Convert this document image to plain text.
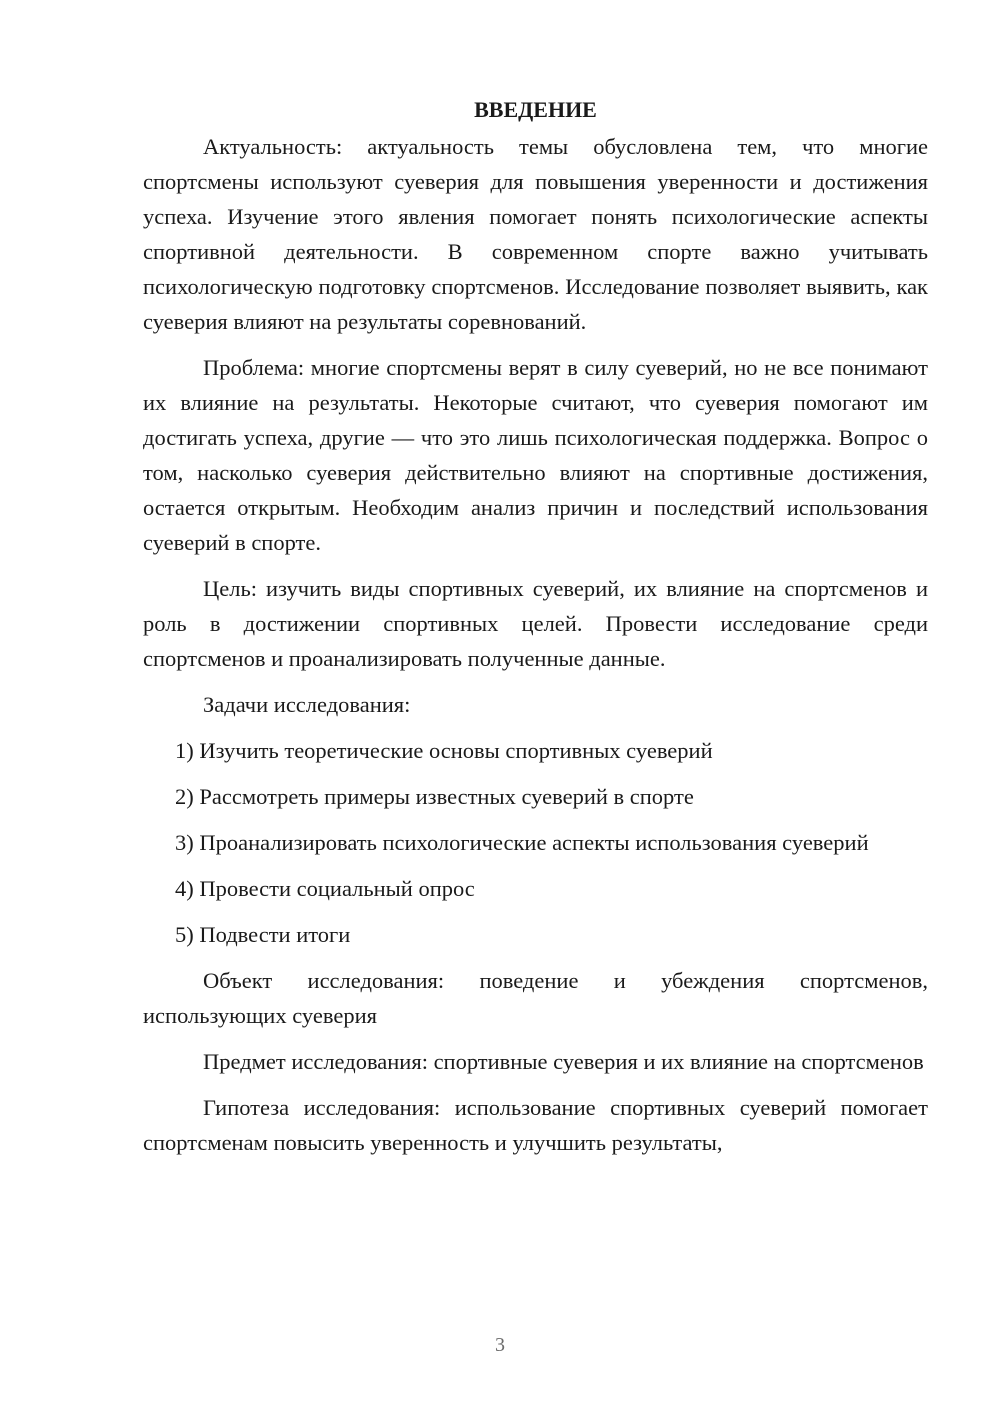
ВВЕДЕНИЕ

Актуальность: актуальность темы обусловлена тем, что многие спортсмены используют суеверия для повышения уверенности и достижения успеха. Изучение этого явления помогает понять психологические аспекты спортивной деятельности. В современном спорте важно учитывать психологическую подготовку спортсменов. Исследование позволяет выявить, как суеверия влияют на результаты соревнований.

Проблема: многие спортсмены верят в силу суеверий, но не все понимают их влияние на результаты. Некоторые считают, что суеверия помогают им достигать успеха, другие — что это лишь психологическая поддержка. Вопрос о том, насколько суеверия действительно влияют на спортивные достижения, остается открытым. Необходим анализ причин и последствий использования суеверий в спорте.

Цель: изучить виды спортивных суеверий, их влияние на спортсменов и роль в достижении спортивных целей. Провести исследование среди спортсменов и проанализировать полученные данные.

Задачи исследования:

1) Изучить теоретические основы спортивных суеверий

2) Рассмотреть примеры известных суеверий в спорте

3) Проанализировать психологические аспекты использования суеверий

4) Провести социальный опрос

5) Подвести итоги

Объект исследования: поведение и убеждения спортсменов, использующих суеверия

Предмет исследования: спортивные суеверия и их влияние на спортсменов

Гипотеза исследования: использование спортивных суеверий помогает спортсменам повысить уверенность и улучшить результаты,

3
